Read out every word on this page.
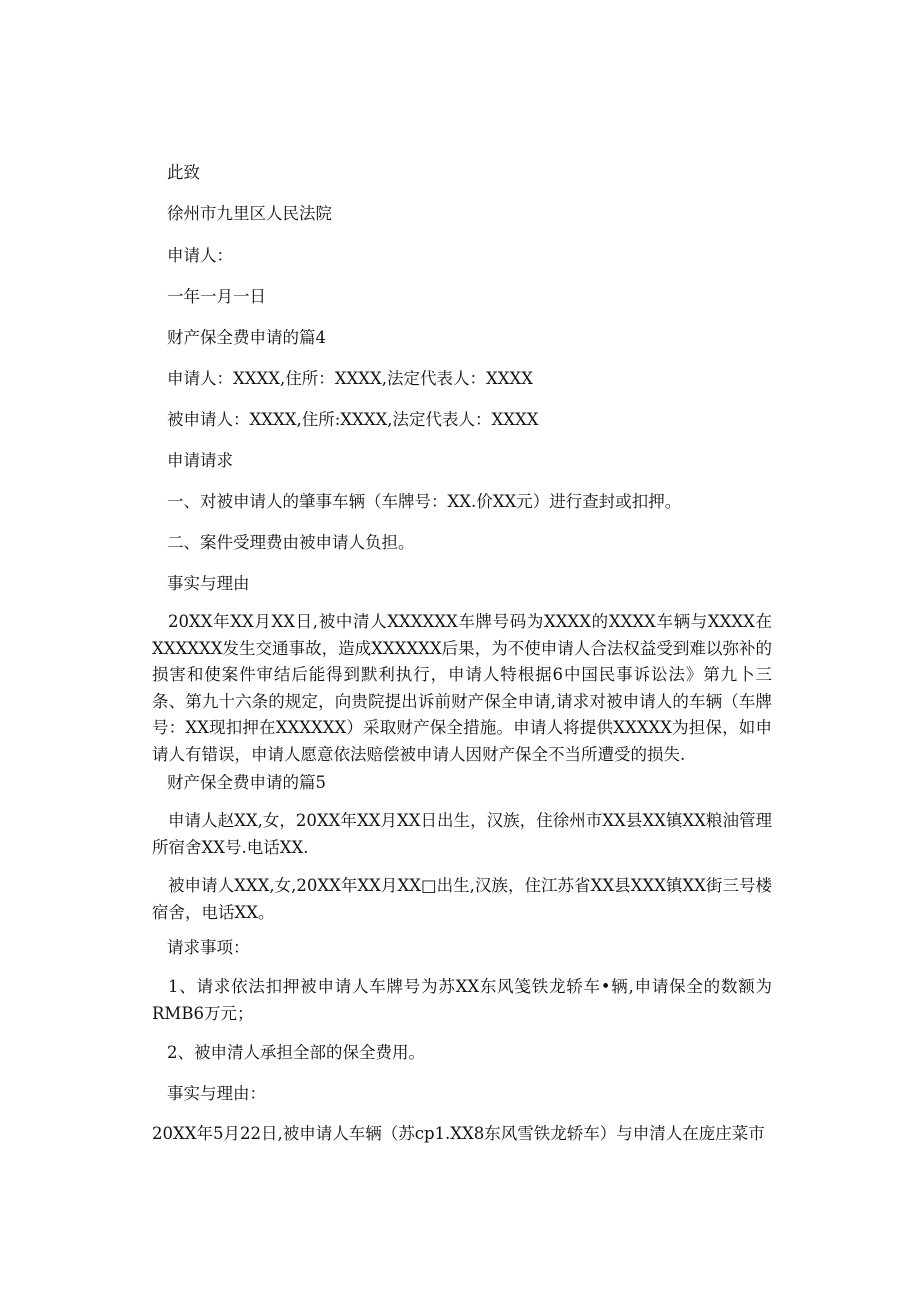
此致

徐州市九里区人民法院

申请人：

一年一月一日

财产保全费申请的篇4

申请人：XXXX,住所：XXXX,法定代表人：XXXX

被申请人：XXXX,住所:XXXX,法定代表人：XXXX

申请请求

一、对被申请人的肇事车辆（车牌号：XX.价XX元）进行查封或扣押。

二、案件受理费由被申请人负担。

事实与理由

20XX年XX月XX日,被中清人XXXXXX车牌号码为XXXX的XXXX车辆与XXXX在XXXXXX发生交通事故，造成XXXXXX后果，为不使申请人合法权益受到难以弥补的损害和使案件审结后能得到默利执行，申请人特根据6中国民事诉讼法》第九卜三条、第九十六条的规定，向贵院提出诉前财产保全申请,请求对被申请人的车辆（车牌号：XX现扣押在XXXXXX）采取财产保全措施。申请人将提供XXXXX为担保，如申请人有错误，申请人愿意依法赔偿被申请人因财产保全不当所遭受的损失.

财产保全费申请的篇5

申请人赵XX,女，20XX年XX月XX日出生，汉族，住徐州市XX县XX镇XX粮油管理所宿舍XX号.电话XX.

被申请人XXX,女,20XX年XX月XX□出生,汉族，住江苏省XX县XXX镇XX街三号楼宿舍，电话XX。

请求事项：

1、请求依法扣押被申请人车牌号为苏XX东风笺铁龙轿车•辆,申请保全的数额为RMB6万元；

2、被申清人承担全部的保全费用。

事实与理由：

20XX年5月22日,被申请人车辆（苏cp1.XX8东风雪铁龙轿车）与申清人在庞庄菜市
